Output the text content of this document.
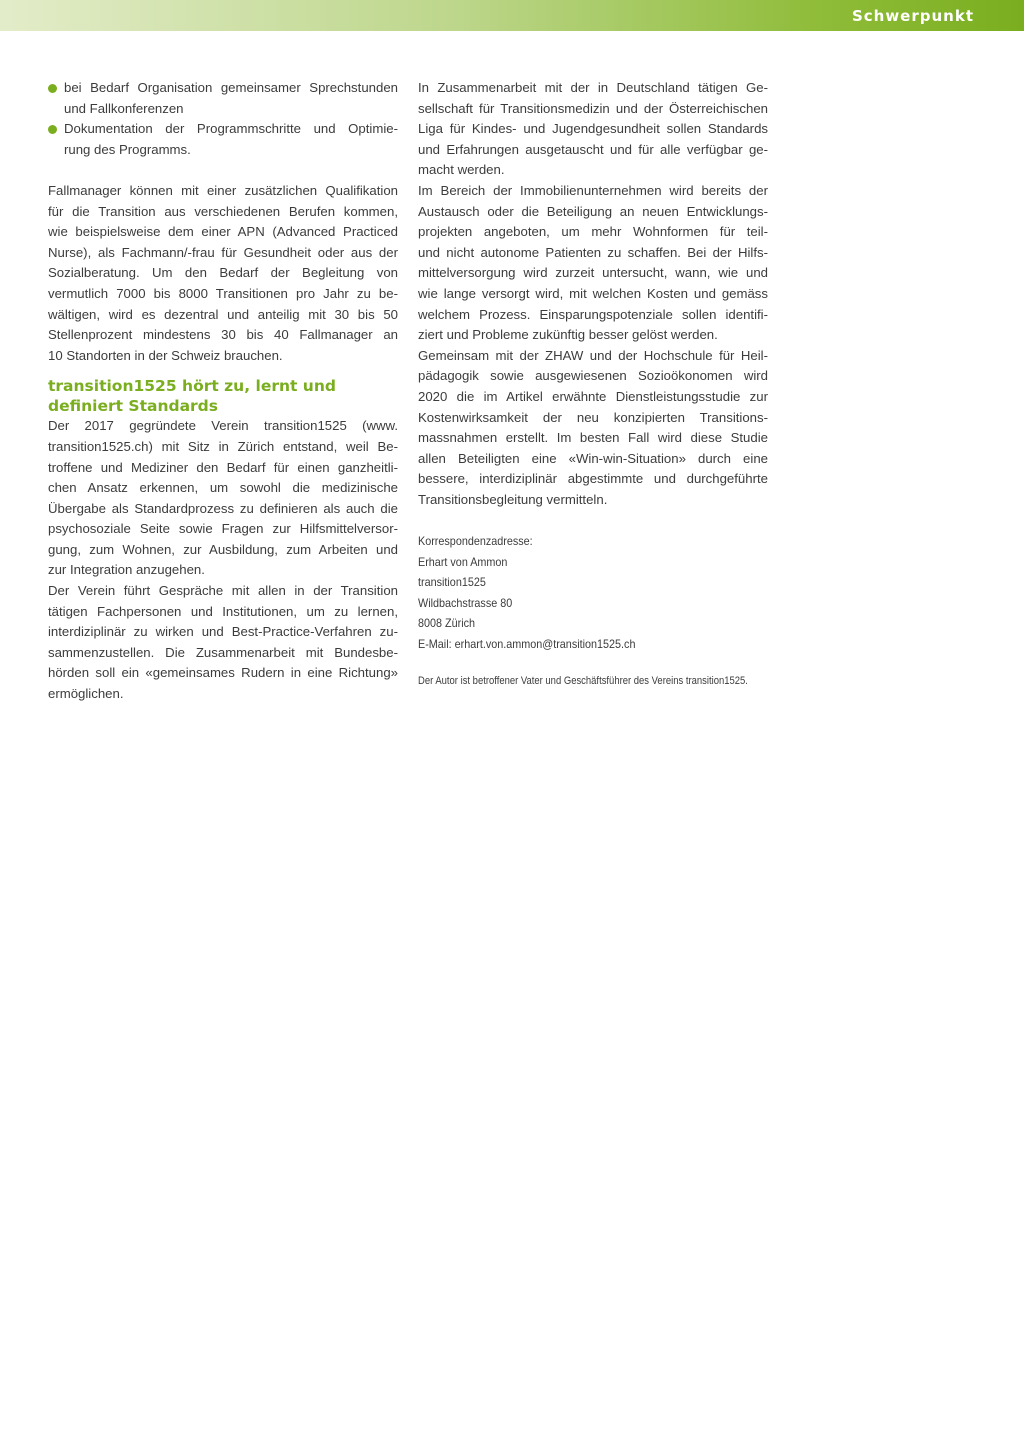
Schwerpunkt
bei Bedarf Organisation gemeinsamer Sprechstunden
und Fallkonferenzen
Dokumentation der Programmschritte und Optimie-
rung des Programms.
Fallmanager können mit einer zusätzlichen Qualifikation
für die Transition aus verschiedenen Berufen kommen,
wie beispielsweise dem einer APN (Advanced Practiced
Nurse), als Fachmann/-frau für Gesundheit oder aus der
Sozialberatung. Um den Bedarf der Begleitung von
vermutlich 7000 bis 8000 Transitionen pro Jahr zu be-
wältigen, wird es dezentral und anteilig mit 30 bis 50
Stellenprozent mindestens 30 bis 40 Fallmanager an
10 Standorten in der Schweiz brauchen.
transition1525 hört zu, lernt und
definiert Standards
Der 2017 gegründete Verein transition1525 (www.
transition1525.ch) mit Sitz in Zürich entstand, weil Be-
troffene und Mediziner den Bedarf für einen ganzheitli-
chen Ansatz erkennen, um sowohl die medizinische
Übergabe als Standardprozess zu definieren als auch die
psychosoziale Seite sowie Fragen zur Hilfsmittelversor-
gung, zum Wohnen, zur Ausbildung, zum Arbeiten und
zur Integration anzugehen.
Der Verein führt Gespräche mit allen in der Transition
tätigen Fachpersonen und Institutionen, um zu lernen,
interdiziplinär zu wirken und Best-Practice-Verfahren zu-
sammenzustellen. Die Zusammenarbeit mit Bundesbe-
hörden soll ein «gemeinsames Rudern in eine Richtung»
ermöglichen.
In Zusammenarbeit mit der in Deutschland tätigen Ge-
sellschaft für Transitionsmedizin und der Österreichischen
Liga für Kindes- und Jugendgesundheit sollen Standards
und Erfahrungen ausgetauscht und für alle verfügbar ge-
macht werden.
Im Bereich der Immobilienunternehmen wird bereits der
Austausch oder die Beteiligung an neuen Entwicklungs-
projekten angeboten, um mehr Wohnformen für teil-
und nicht autonome Patienten zu schaffen. Bei der Hilfs-
mittelversorgung wird zurzeit untersucht, wann, wie und
wie lange versorgt wird, mit welchen Kosten und gemäss
welchem Prozess. Einsparungspotenziale sollen identifi-
ziert und Probleme zukünftig besser gelöst werden.
Gemeinsam mit der ZHAW und der Hochschule für Heil-
pädagogik sowie ausgewiesenen Sozioökonomen wird
2020 die im Artikel erwähnte Dienstleistungsstudie zur
Kostenwirksamkeit der neu konzipierten Transitions-
massnahmen erstellt. Im besten Fall wird diese Studie
allen Beteiligten eine «Win-win-Situation» durch eine
bessere, interdiziplinär abgestimmte und durchgeführte
Transitionsbegleitung vermitteln.
Korrespondenzadresse:
Erhart von Ammon
transition1525
Wildbachstrasse 80
8008 Zürich
E-Mail: erhart.von.ammon@transition1525.ch
Der Autor ist betroffener Vater und Geschäftsführer des Vereins transition1525.
